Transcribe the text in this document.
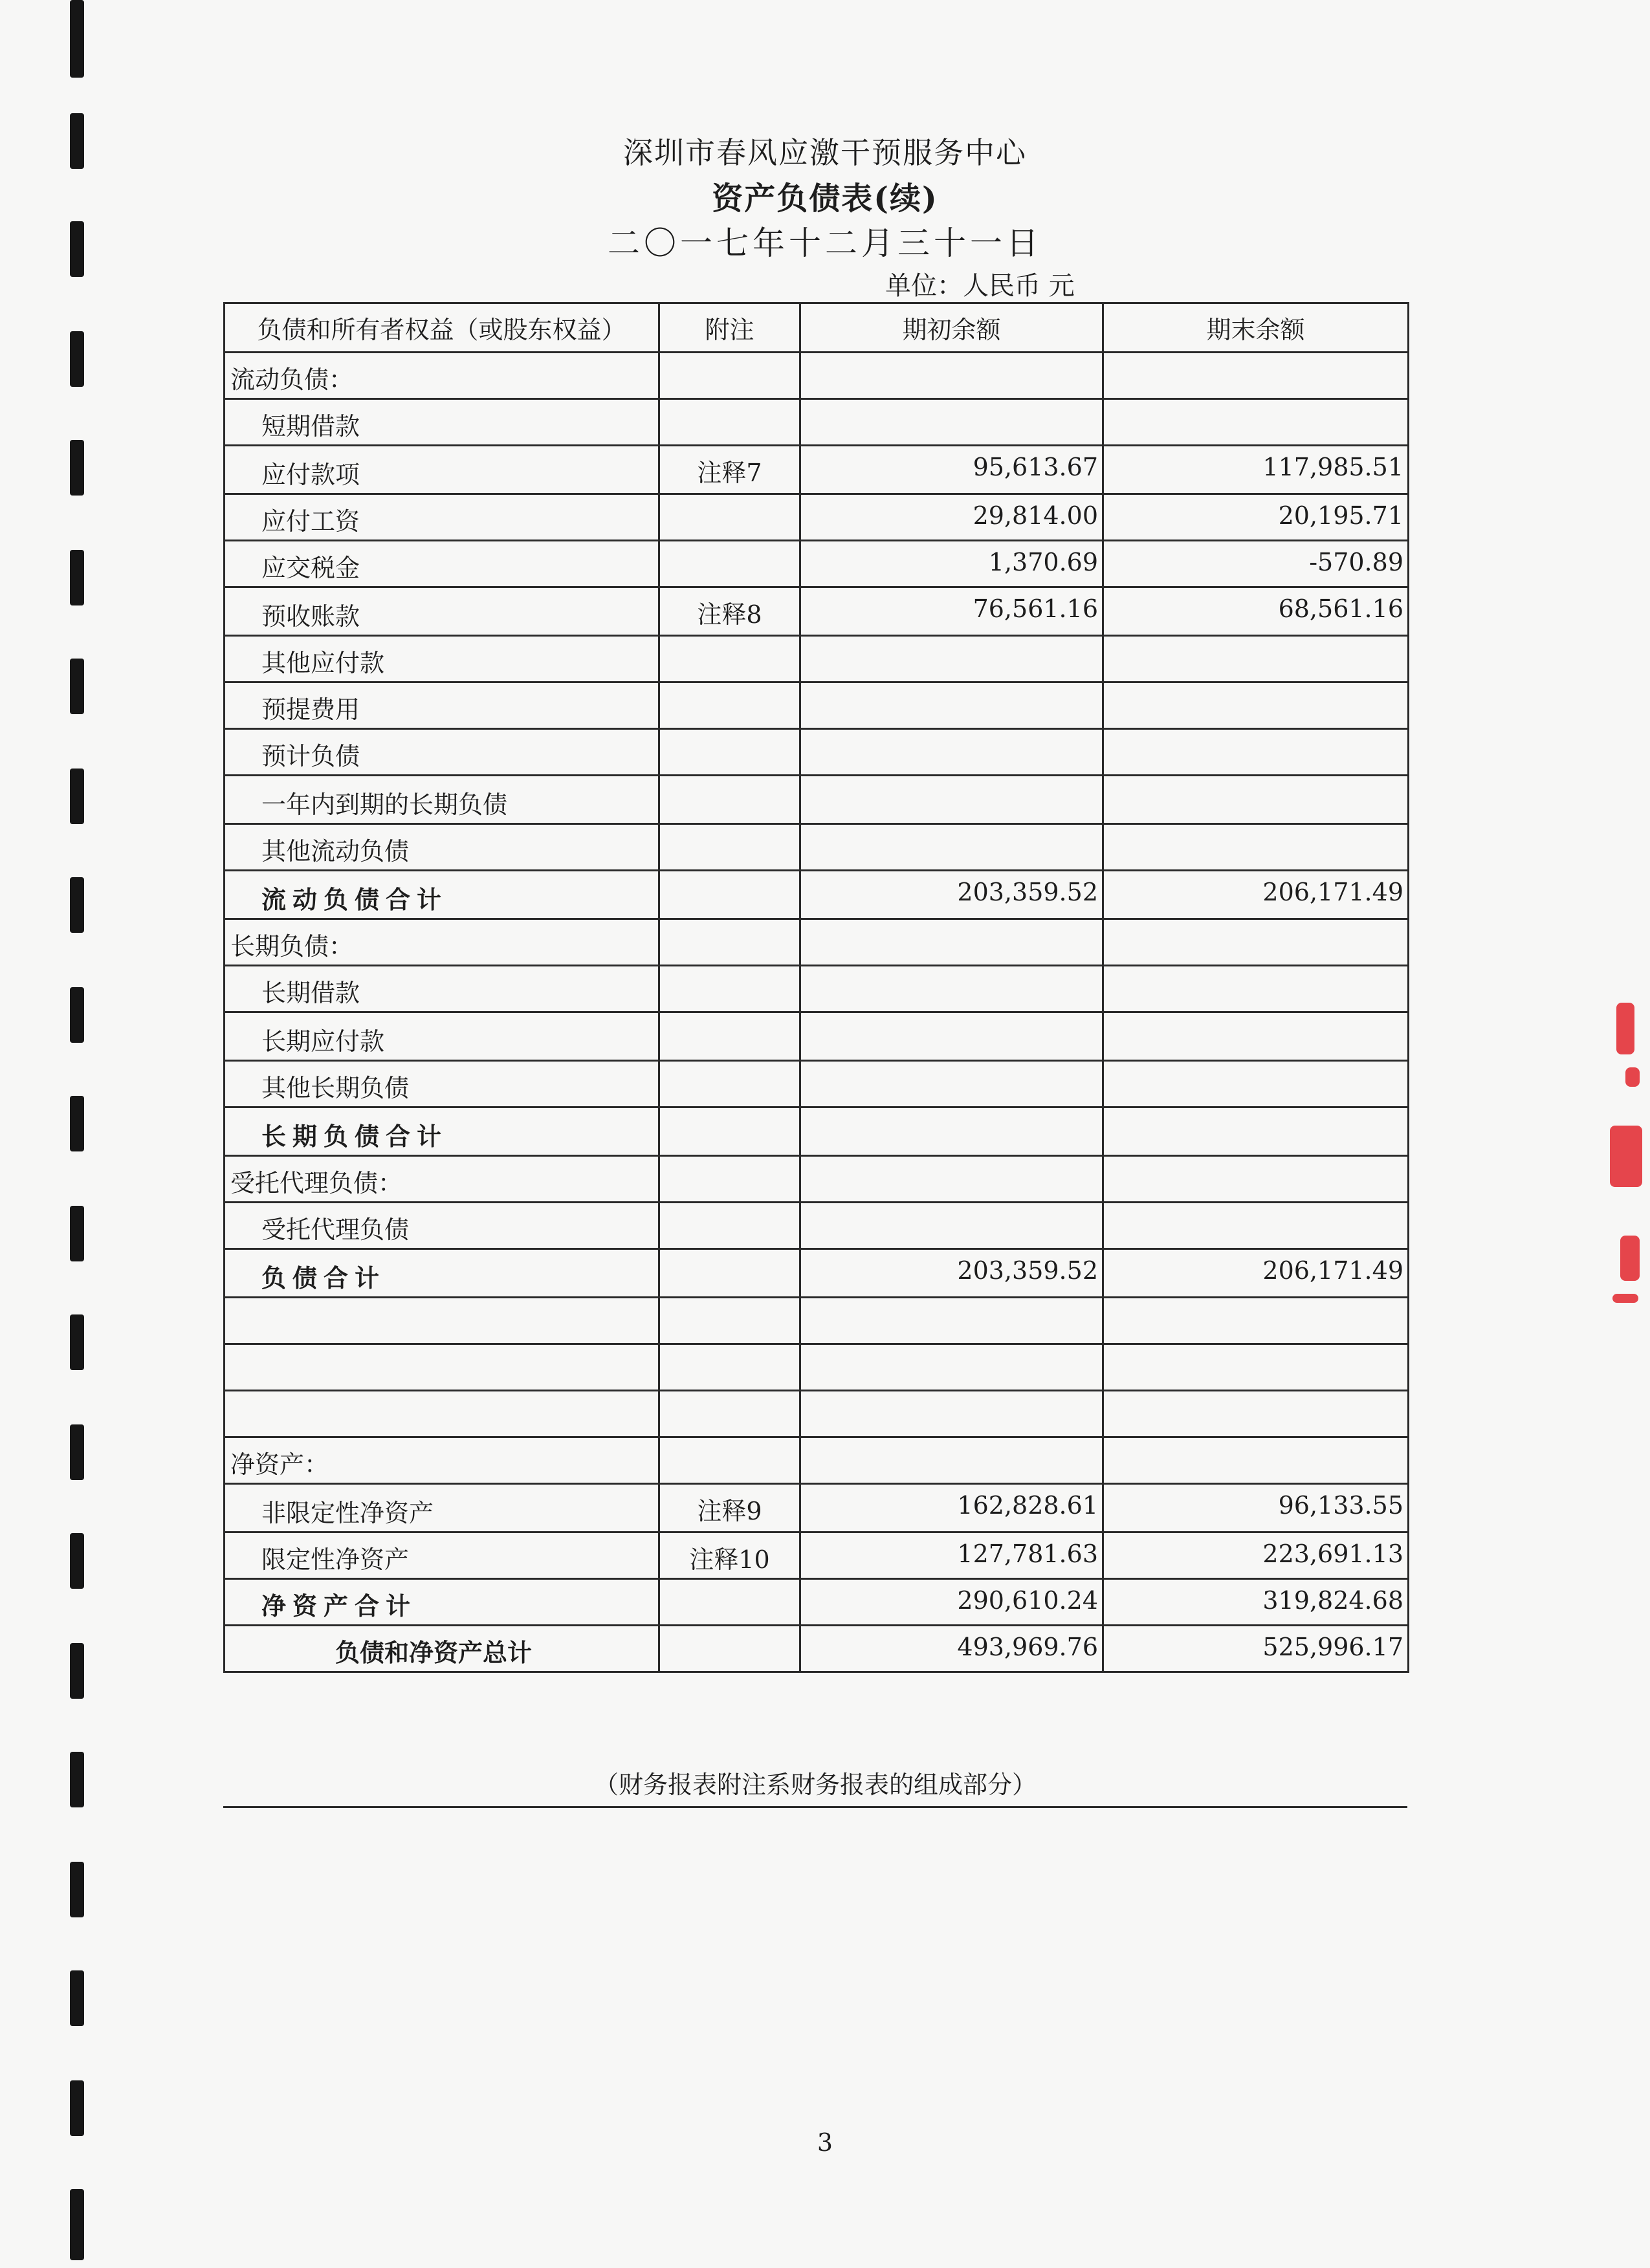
深圳市春风应激干预服务中心
资产负债表(续)
二〇一七年十二月三十一日
单位：人民币 元
负债和所有者权益（或股东权益）	附注	期初余额	期末余额
流动负债：			
短期借款			
应付款项	注释7	95,613.67	117,985.51
应付工资		29,814.00	20,195.71
应交税金		1,370.69	-570.89
预收账款	注释8	76,561.16	68,561.16
其他应付款			
预提费用			
预计负债			
一年内到期的长期负债			
其他流动负债			
流动负债合计		203,359.52	206,171.49
长期负债：			
长期借款			
长期应付款			
其他长期负债			
长期负债合计			
受托代理负债：			
受托代理负债			
负债合计		203,359.52	206,171.49

净资产：			
非限定性净资产	注释9	162,828.61	96,133.55
限定性净资产	注释10	127,781.63	223,691.13
净资产合计		290,610.24	319,824.68
负债和净资产总计		493,969.76	525,996.17
（财务报表附注系财务报表的组成部分）
3
